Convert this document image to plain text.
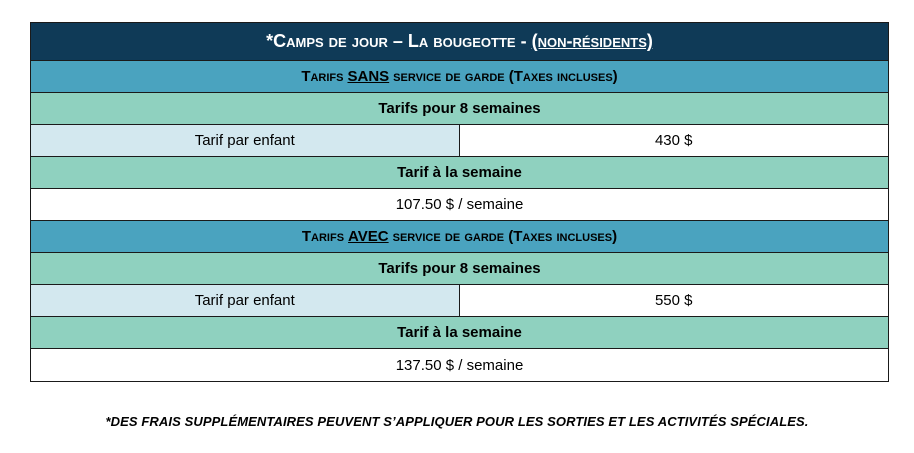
*Camps de jour – La bougeotte - (non-résidents)
Tarifs SANS service de garde (Taxes incluses)
Tarifs pour 8 semaines
Tarif par enfant	430 $
Tarif à la semaine
107.50 $ / semaine
Tarifs AVEC service de garde (Taxes incluses)
Tarifs pour 8 semaines
Tarif par enfant	550 $
Tarif à la semaine
137.50 $ / semaine
*DES FRAIS SUPPLÉMENTAIRES PEUVENT S’APPLIQUER POUR LES SORTIES ET LES ACTIVITÉS SPÉCIALES.
